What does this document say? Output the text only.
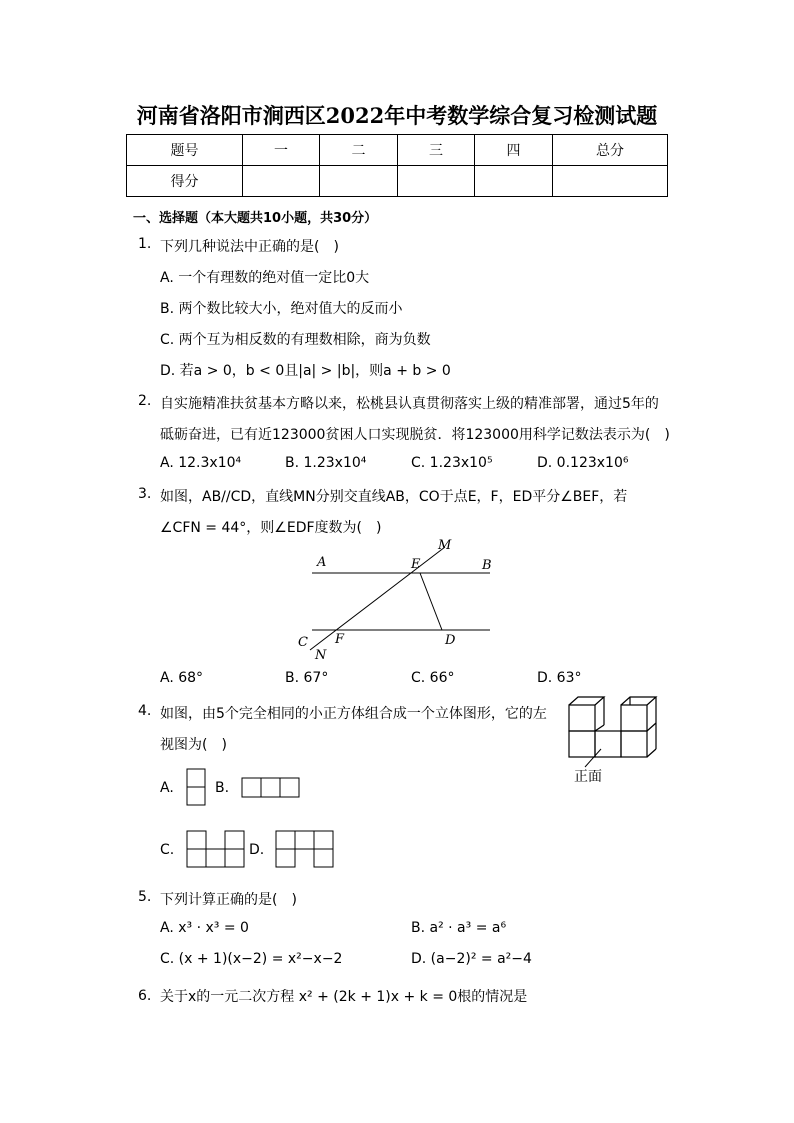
河南省洛阳市涧西区2022年中考数学综合复习检测试题
题号	一	二	三	四	总分
得分					
一、选择题（本大题共10小题，共30分）
1. 下列几种说法中正确的是(　)
A. 一个有理数的绝对值一定比0大
B. 两个数比较大小，绝对值大的反而小
C. 两个互为相反数的有理数相除，商为负数
D. 若a > 0，b < 0且|a| > |b|，则a + b > 0
2. 自实施精准扶贫基本方略以来，松桃县认真贯彻落实上级的精准部署，通过5年的
砥砺奋进，已有近123000贫困人口实现脱贫．将123000用科学记数法表示为(　)
A. 12.3x10⁴	B. 1.23x10⁴	C. 1.23x10⁵	D. 0.123x10⁶
3. 如图，AB//CD，直线MN分别交直线AB，CO于点E，F，ED平分∠BEF，若
∠CFN = 44°，则∠EDF度数为(　)
A	B
C	D
E
F
M
N
A. 68°	B. 67°	C. 66°	D. 63°
4. 如图，由5个完全相同的小正方体组合成一个立体图形，它的左
视图为(　)
正面
A.	B.
C.	D.
5. 下列计算正确的是(　)
A. x³ · x³ = 0	B. a² · a³ = a⁶
C. (x + 1)(x−2) = x²−x−2	D. (a−2)² = a²−4
6. 关于x的一元二次方程 x² + (2k + 1)x + k = 0根的情况是
